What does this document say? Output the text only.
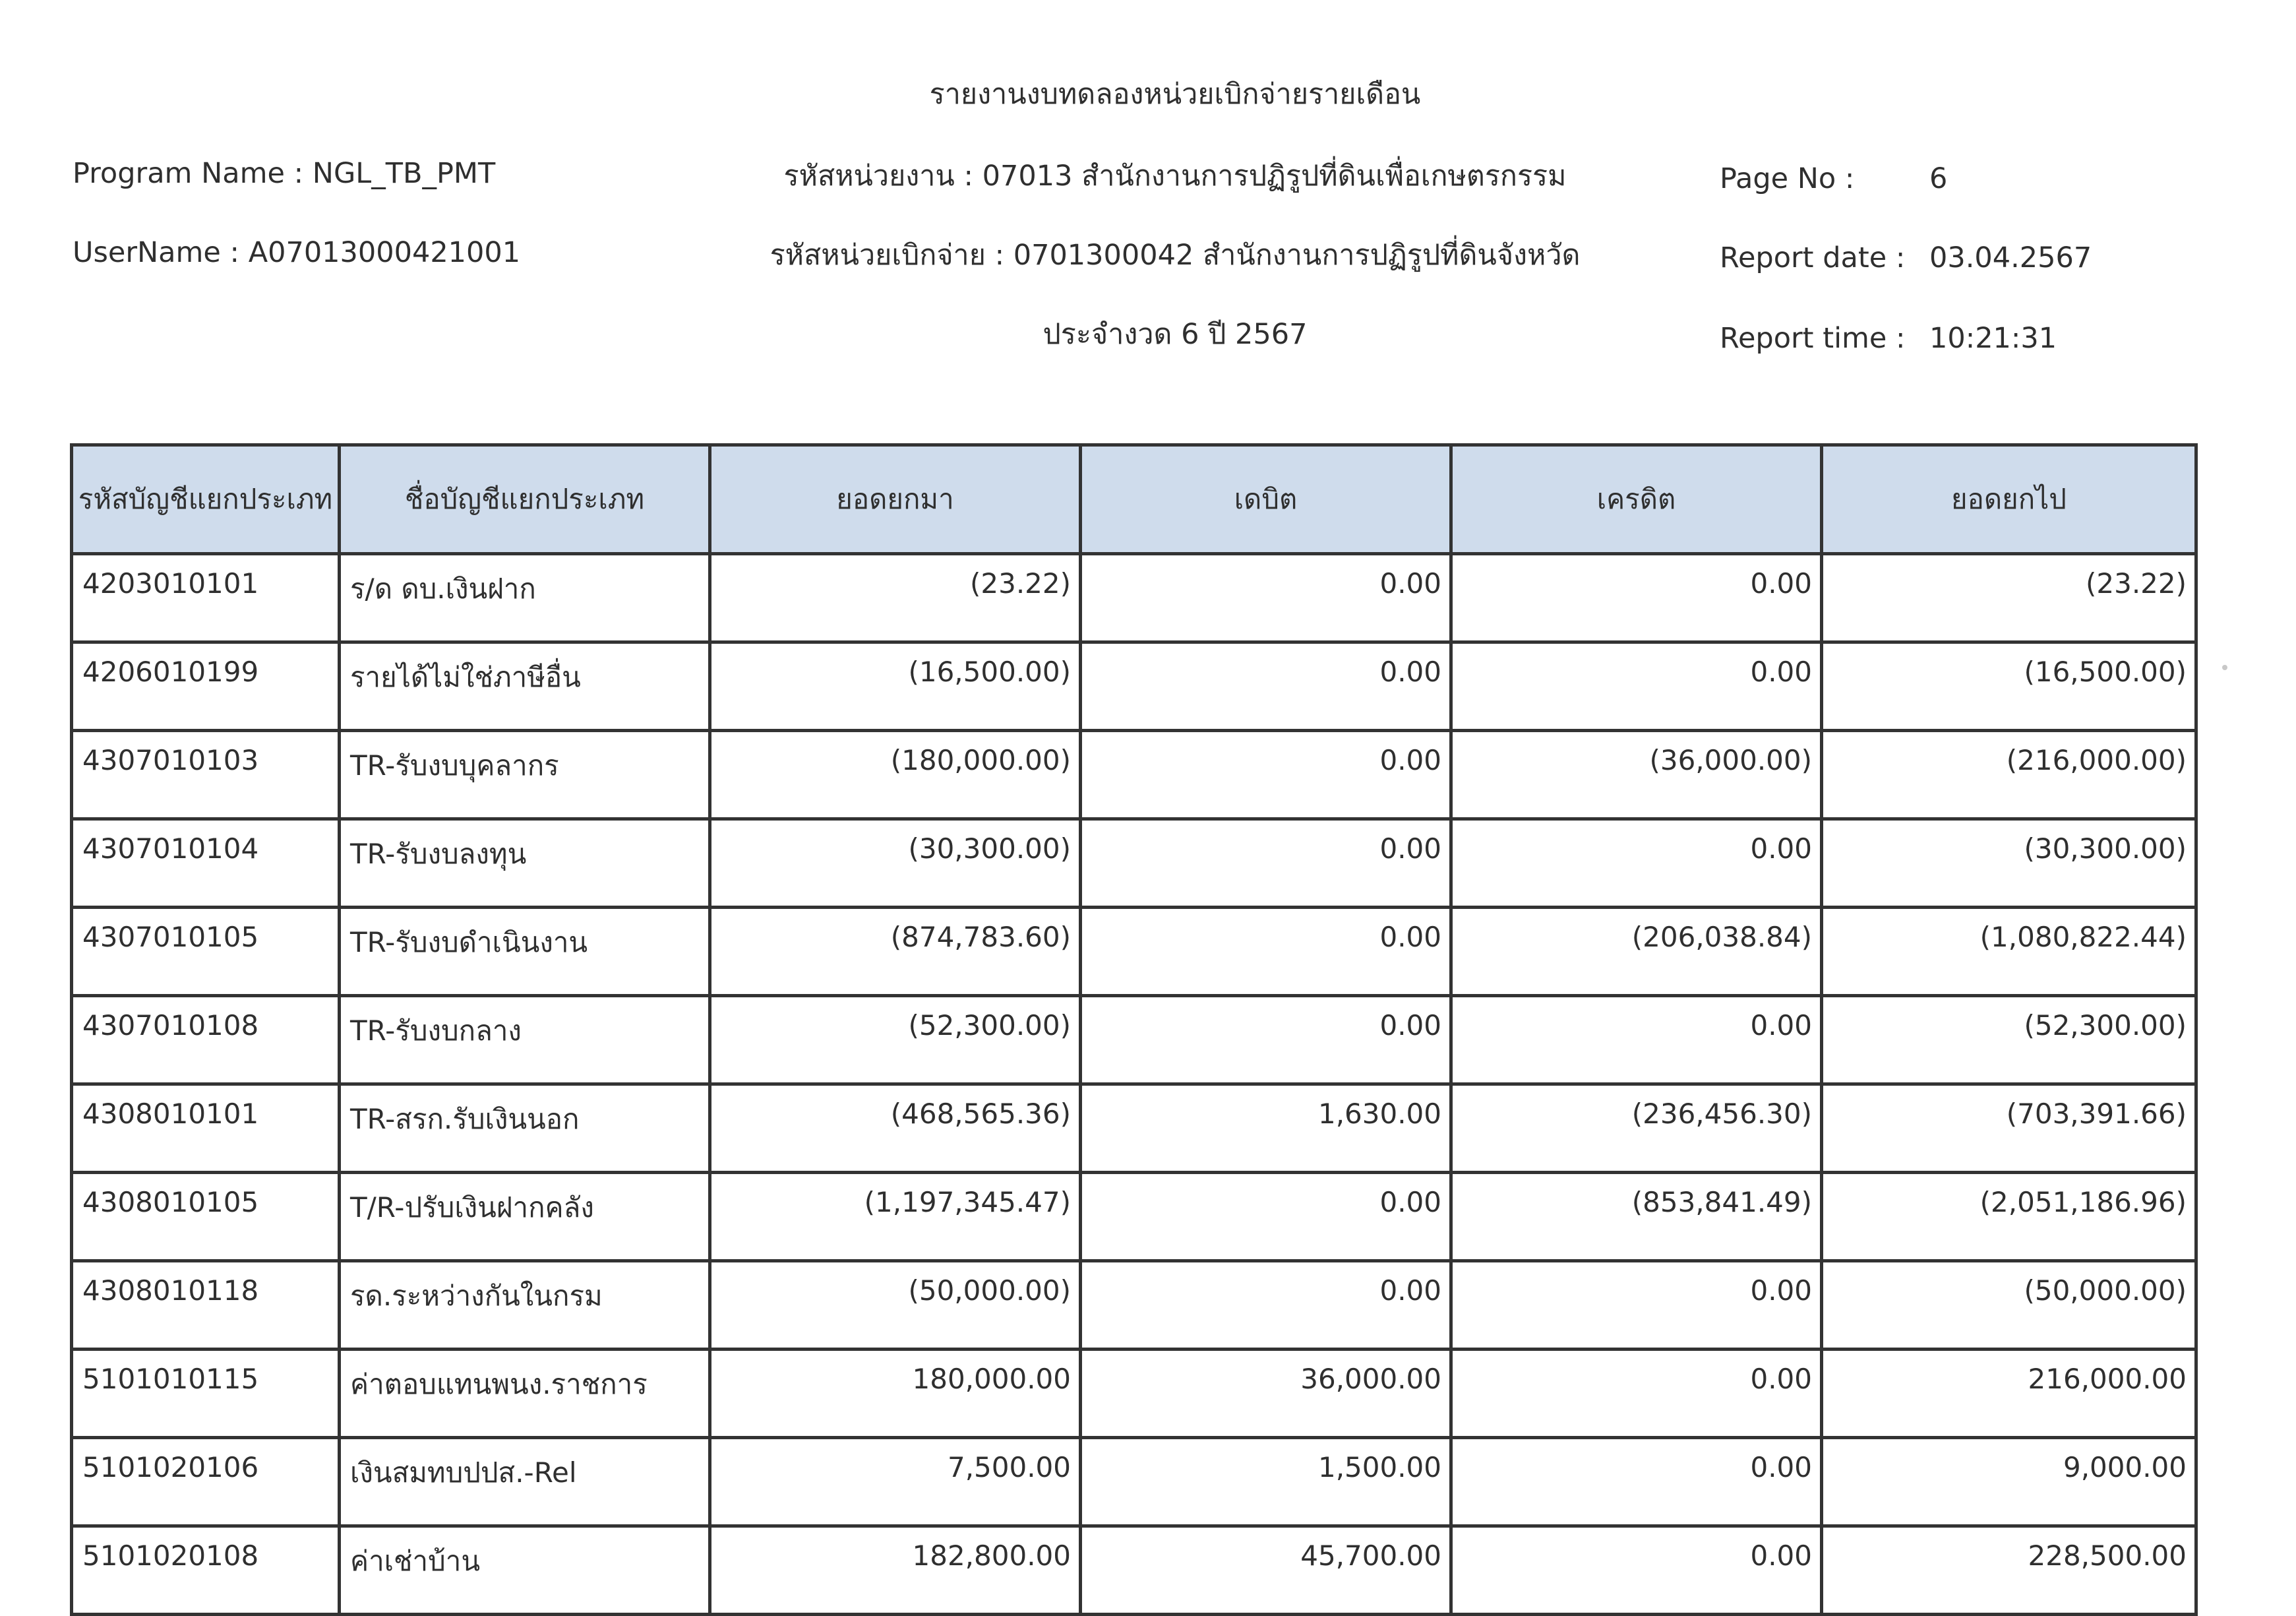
รายงานงบทดลองหน่วยเบิกจ่ายรายเดือน
Program Name : NGL_TB_PMT
UserName : A07013000421001
รหัสหน่วยงาน : 07013 สำนักงานการปฏิรูปที่ดินเพื่อเกษตรกรรม
รหัสหน่วยเบิกจ่าย : 0701300042 สำนักงานการปฏิรูปที่ดินจังหวัด
ประจำงวด 6 ปี 2567
Page No :	6
Report date : 03.04.2567
Report time : 10:21:31
รหัสบัญชีแยกประเภท	ชื่อบัญชีแยกประเภท	ยอดยกมา	เดบิต	เครดิต	ยอดยกไป
4203010101	ร/ด ดบ.เงินฝาก	(23.22)	0.00	0.00	(23.22)
4206010199	รายได้ไม่ใช่ภาษีอื่น	(16,500.00)	0.00	0.00	(16,500.00)
4307010103	TR-รับงบบุคลากร	(180,000.00)	0.00	(36,000.00)	(216,000.00)
4307010104	TR-รับงบลงทุน	(30,300.00)	0.00	0.00	(30,300.00)
4307010105	TR-รับงบดำเนินงาน	(874,783.60)	0.00	(206,038.84)	(1,080,822.44)
4307010108	TR-รับงบกลาง	(52,300.00)	0.00	0.00	(52,300.00)
4308010101	TR-สรก.รับเงินนอก	(468,565.36)	1,630.00	(236,456.30)	(703,391.66)
4308010105	T/R-ปรับเงินฝากคลัง	(1,197,345.47)	0.00	(853,841.49)	(2,051,186.96)
4308010118	รด.ระหว่างกันในกรม	(50,000.00)	0.00	0.00	(50,000.00)
5101010115	ค่าตอบแทนพนง.ราชการ	180,000.00	36,000.00	0.00	216,000.00
5101020106	เงินสมทบปปส.-Rel	7,500.00	1,500.00	0.00	9,000.00
5101020108	ค่าเช่าบ้าน	182,800.00	45,700.00	0.00	228,500.00
